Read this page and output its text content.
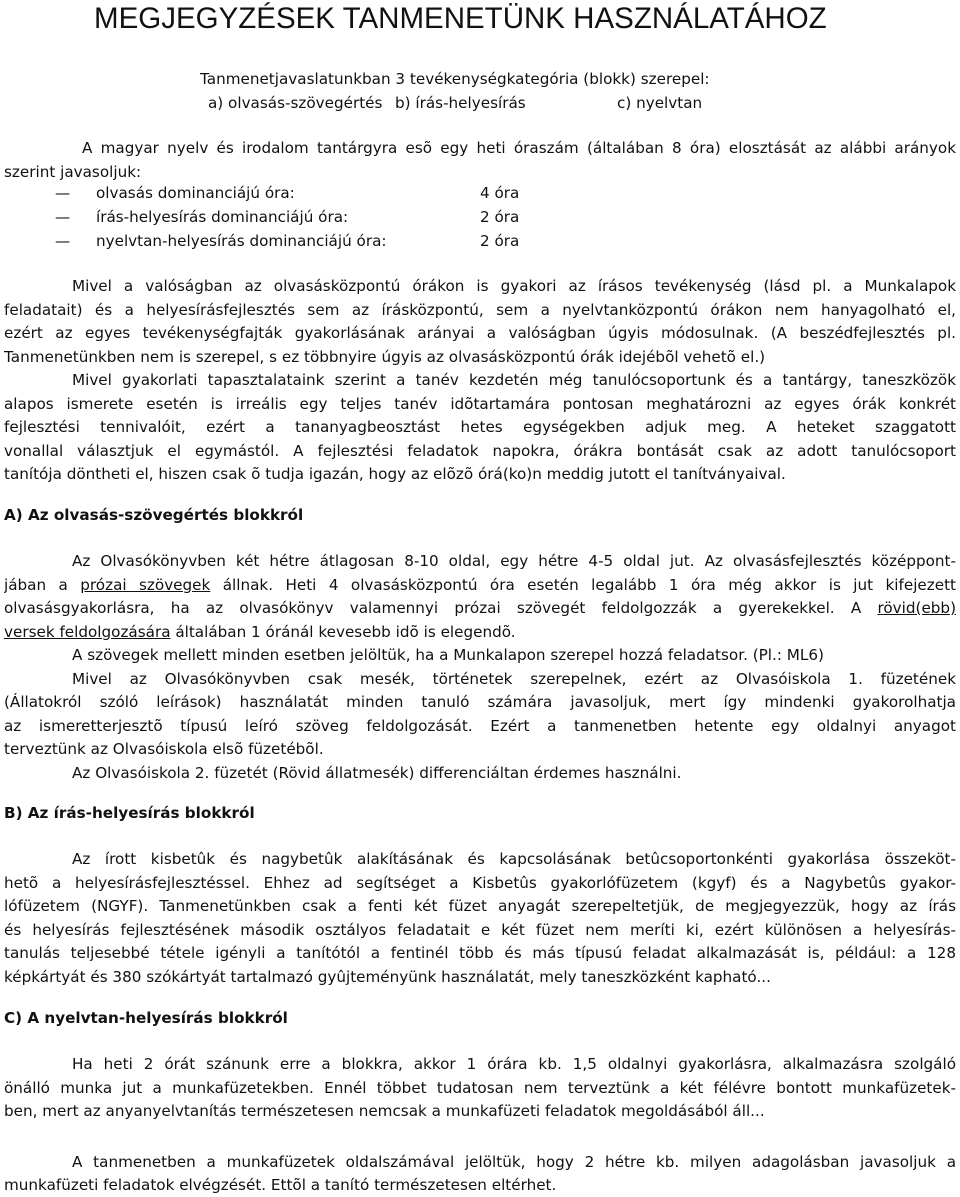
MEGJEGYZÉSEK TANMENETÜNK HASZNÁLATÁHOZ
Tanmenetjavaslatunkban 3 tevékenységkategória (blokk) szerepel:
a) olvasás-szövegértés b) írás-helyesírás	c) nyelvtan
A magyar nyelv és irodalom tantárgyra esõ egy heti óraszám (általában 8 óra) elosztását az alábbi arányok
szerint javasoljuk:
— olvasás dominanciájú óra:	4 óra
— írás-helyesírás dominanciájú óra:	2 óra
— nyelvtan-helyesírás dominanciájú óra:	2 óra
Mivel a valóságban az olvasásközpontú órákon is gyakori az írásos tevékenység (lásd pl. a Munkalapok
feladatait) és a helyesírásfejlesztés sem az írásközpontú, sem a nyelvtanközpontú órákon nem hanyagolható el,
ezért az egyes tevékenységfajták gyakorlásának arányai a valóságban úgyis módosulnak. (A beszédfejlesztés pl.
Tanmenetünkben nem is szerepel, s ez többnyire úgyis az olvasásközpontú órák idejébõl vehetõ el.)
Mivel gyakorlati tapasztalataink szerint a tanév kezdetén még tanulócsoportunk és a tantárgy, taneszközök
alapos ismerete esetén is irreális egy teljes tanév idõtartamára pontosan meghatározni az egyes órák konkrét
fejlesztési tennivalóit, ezért a tananyagbeosztást hetes egységekben adjuk meg. A heteket szaggatott
vonallal választjuk el egymástól. A fejlesztési feladatok napokra, órákra bontását csak az adott tanulócsoport
tanítója döntheti el, hiszen csak õ tudja igazán, hogy az elõzõ órá(ko)n meddig jutott el tanítványaival.
A) Az olvasás-szövegértés blokkról
Az Olvasókönyvben két hétre átlagosan 8-10 oldal, egy hétre 4-5 oldal jut. Az olvasásfejlesztés középpont-
jában a prózai szövegek állnak. Heti 4 olvasásközpontú óra esetén legalább 1 óra még akkor is jut kifejezett
olvasásgyakorlásra, ha az olvasókönyv valamennyi prózai szövegét feldolgozzák a gyerekekkel. A rövid(ebb)
versek feldolgozására általában 1 óránál kevesebb idõ is elegendõ.
A szövegek mellett minden esetben jelöltük, ha a Munkalapon szerepel hozzá feladatsor. (Pl.: ML6)
Mivel az Olvasókönyvben csak mesék, történetek szerepelnek, ezért az Olvasóiskola 1. füzetének
(Állatokról szóló leírások) használatát minden tanuló számára javasoljuk, mert így mindenki gyakorolhatja
az ismeretterjesztõ típusú leíró szöveg feldolgozását. Ezért a tanmenetben hetente egy oldalnyi anyagot
terveztünk az Olvasóiskola elsõ füzetébõl.
Az Olvasóiskola 2. füzetét (Rövid állatmesék) differenciáltan érdemes használni.
B) Az írás-helyesírás blokkról
Az írott kisbetûk és nagybetûk alakításának és kapcsolásának betûcsoportonkénti gyakorlása összeköt-
hetõ a helyesírásfejlesztéssel. Ehhez ad segítséget a Kisbetûs gyakorlófüzetem (kgyf) és a Nagybetûs gyakor-
lófüzetem (NGYF). Tanmenetünkben csak a fenti két füzet anyagát szerepeltetjük, de megjegyezzük, hogy az írás
és helyesírás fejlesztésének második osztályos feladatait e két füzet nem meríti ki, ezért különösen a helyesírás-
tanulás teljesebbé tétele igényli a tanítótól a fentinél több és más típusú feladat alkalmazását is, például: a 128
képkártyát és 380 szókártyát tartalmazó gyûjteményünk használatát, mely taneszközként kapható...
C) A nyelvtan-helyesírás blokkról
Ha heti 2 órát szánunk erre a blokkra, akkor 1 órára kb. 1,5 oldalnyi gyakorlásra, alkalmazásra szolgáló
önálló munka jut a munkafüzetekben. Ennél többet tudatosan nem terveztünk a két félévre bontott munkafüzetek-
ben, mert az anyanyelvtanítás természetesen nemcsak a munkafüzeti feladatok megoldásából áll...
A tanmenetben a munkafüzetek oldalszámával jelöltük, hogy 2 hétre kb. milyen adagolásban javasoljuk a
munkafüzeti feladatok elvégzését. Ettõl a tanító természetesen eltérhet.
